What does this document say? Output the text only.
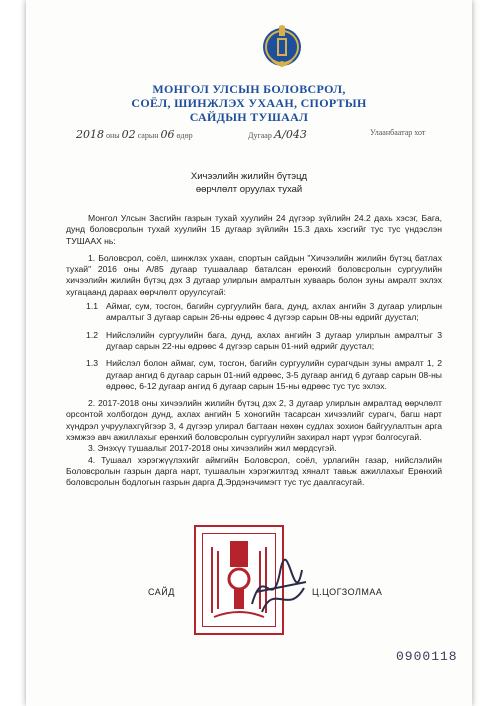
МОНГОЛ УЛСЫН БОЛОВСРОЛ,
СОЁЛ, ШИНЖЛЭХ УХААН, СПОРТЫН
САЙДЫН ТУШААЛ
2018 оны 02 сарын 06 өдөр	Дугаар А/043	Улаанбаатар хот
Хичээлийн жилийн бүтэцд
өөрчлөлт оруулах тухай

Монгол Улсын Засгийн газрын тухай хуулийн 24 дүгээр зүйлийн 24.2 дахь хэсэг, Бага, дунд боловсролын тухай хуулийн 15 дугаар зүйлийн 15.3 дахь хэсгийг тус тус үндэслэн ТУШААХ нь:

1. Боловсрол, соёл, шинжлэх ухаан, спортын сайдын "Хичээлийн жилийн бүтэц батлах тухай" 2016 оны А/85 дугаар тушаалаар баталсан ерөнхий боловсролын сургуулийн хичээлийн жилийн бүтэц дэх 3 дугаар улирлын амралтын хуваарь болон зуны амралт эхлэх хугацаанд дараах өөрчлөлт оруулсугай:

1.1 Аймаг, сум, тосгон, багийн сургуулийн бага, дунд, ахлах ангийн 3 дугаар улирлын амралтыг 3 дугаар сарын 26-ны өдрөөс 4 дүгээр сарын 08-ны өдрийг дуустал;
1.2 Нийслэлийн сургуулийн бага, дунд, ахлах ангийн 3 дугаар улирлын амралтыг 3 дугаар сарын 22-ны өдрөөс 4 дүгээр сарын 01-ний өдрийг дуустал;
1.3 Нийслэл болон аймаг, сум, тосгон, багийн сургуулийн сурагчдын зуны амралт 1, 2 дугаар ангид 6 дугаар сарын 01-ний өдрөөс, 3-5 дугаар ангид 6 дугаар сарын 08-ны өдрөөс, 6-12 дугаар ангид 6 дугаар сарын 15-ны өдрөөс тус тус эхлэх.

2. 2017-2018 оны хичээлийн жилийн бүтэц дэх 2, 3 дугаар улирлын амралтад өөрчлөлт орсонтой холбогдон дунд, ахлах ангийн 5 хоногийн тасарсан хичээлийг сурагч, багш нарт хүндрэл учруулахгүйгээр 3, 4 дүгээр улирал багтаан нөхөн судлах зохион байгуулалтын арга хэмжээ авч ажиллахыг ерөнхий боловсролын сургуулийн захирал нарт үүрэг болгосугай.

3. Энэхүү тушаалыг 2017-2018 оны хичээлийн жил мөрдсүгэй.

4. Тушаал хэрэгжүүлэхийг аймгийн Боловсрол, соёл, урлагийн газар, нийслэлийн Боловсролын газрын дарга нарт, тушаалын хэрэгжилтэд хяналт тавьж ажиллахыг Ерөнхий боловсролын бодлогын газрын дарга Д.Эрдэнэчимэгт тус тус даалгасугай.

САЙД	Ц.ЦОГЗОЛМАА
0900118
